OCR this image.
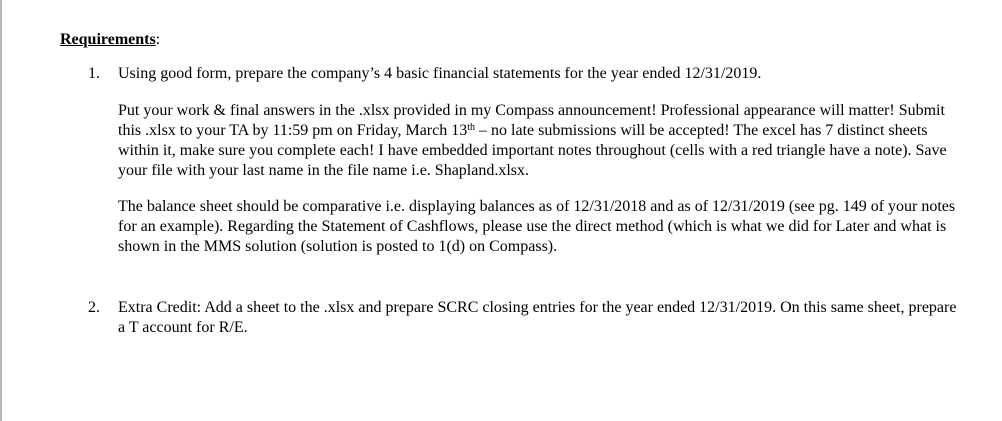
Requirements:
1. Using good form, prepare the company’s 4 basic financial statements for the year ended 12/31/2019.

Put your work & final answers in the .xlsx provided in my Compass announcement! Professional appearance will matter! Submit this .xlsx to your TA by 11:59 pm on Friday, March 13th – no late submissions will be accepted! The excel has 7 distinct sheets within it, make sure you complete each! I have embedded important notes throughout (cells with a red triangle have a note). Save your file with your last name in the file name i.e. Shapland.xlsx.

The balance sheet should be comparative i.e. displaying balances as of 12/31/2018 and as of 12/31/2019 (see pg. 149 of your notes for an example). Regarding the Statement of Cashflows, please use the direct method (which is what we did for Later and what is shown in the MMS solution (solution is posted to 1(d) on Compass).

2. Extra Credit: Add a sheet to the .xlsx and prepare SCRC closing entries for the year ended 12/31/2019. On this same sheet, prepare a T account for R/E.
